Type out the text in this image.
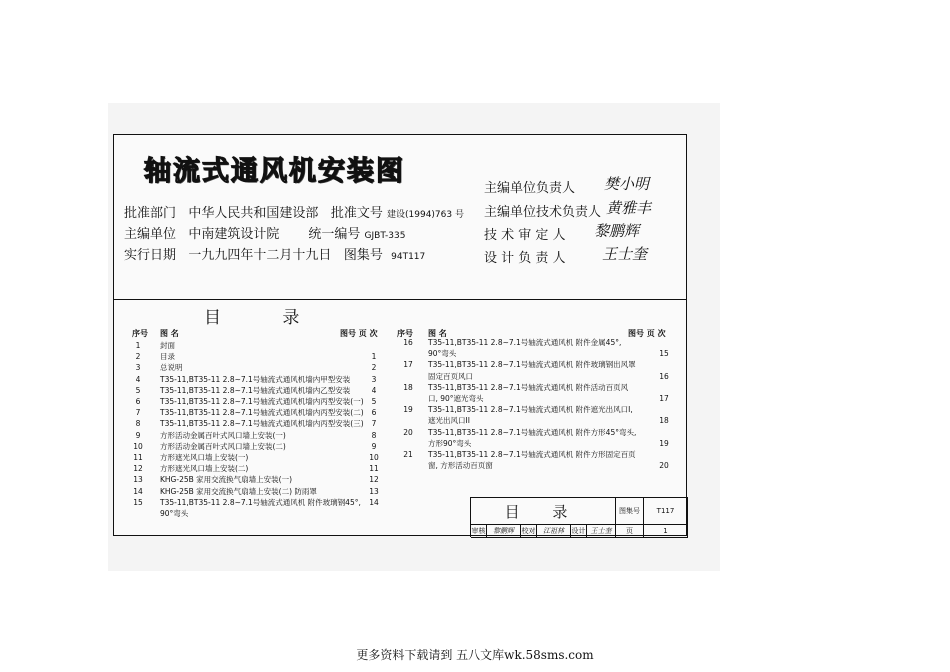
轴流式通风机安装图
批准部门 中华人民共和国建设部 批准文号 建设(1994)763 号
主编单位 中南建筑设计院 统一编号 GJBT-335
实行日期 一九九四年十二月十九日 图集号 94T117
主编单位负责人 樊小明
主编单位技术负责人 黄雅丰
技 术 审 定 人 黎鹏辉
设 计 负 责 人 王士奎
目 录
序号 图 名	图号 页 次 序号 图 名	图号 页 次
1	封面
2	目录	1
3	总说明	2
4	T35-11,BT35-11 2.8~7.1号轴流式通风机墙内甲型安装	3
5	T35-11,BT35-11 2.8~7.1号轴流式通风机墙内乙型安装	4
6	T35-11,BT35-11 2.8~7.1号轴流式通风机墙内丙型安装(一)	5
7	T35-11,BT35-11 2.8~7.1号轴流式通风机墙内丙型安装(二)	6
8	T35-11,BT35-11 2.8~7.1号轴流式通风机墙内丙型安装(三)	7
9	方形活动金属百叶式风口墙上安装(一)	8
10	方形活动金属百叶式风口墙上安装(二)	9
11	方形遮光风口墙上安装(一)	10
12	方形遮光风口墙上安装(二)	11
13	KHG-25B 家用交流换气扇墙上安装(一)	12
14	KHG-25B 家用交流换气扇墙上安装(二) 防雨罩	13
15	T35-11,BT35-11 2.8~7.1号轴流式通风机 附件玻璃钢45°,	14
90°弯头
16	T35-11,BT35-11 2.8~7.1号轴流式通风机 附件金属45°,
90°弯头	15
17	T35-11,BT35-11 2.8~7.1号轴流式通风机 附件玻璃钢出风罩
固定百页风口	16
18	T35-11,BT35-11 2.8~7.1号轴流式通风机 附件活动百页风
口, 90°遮光弯头	17
19	T35-11,BT35-11 2.8~7.1号轴流式通风机 附件遮光出风口I,
遮光出风口II	18
20	T35-11,BT35-11 2.8~7.1号轴流式通风机 附件方形45°弯头,
方形90°弯头	19
21	T35-11,BT35-11 2.8~7.1号轴流式通风机 附件方形固定百页
窗, 方形活动百页窗	20
目 录	图集号	T117
审核	黎鹏辉	校对	江祖林	设计 王士奎	页	1
更多资料下载请到 五八文库wk.58sms.com
